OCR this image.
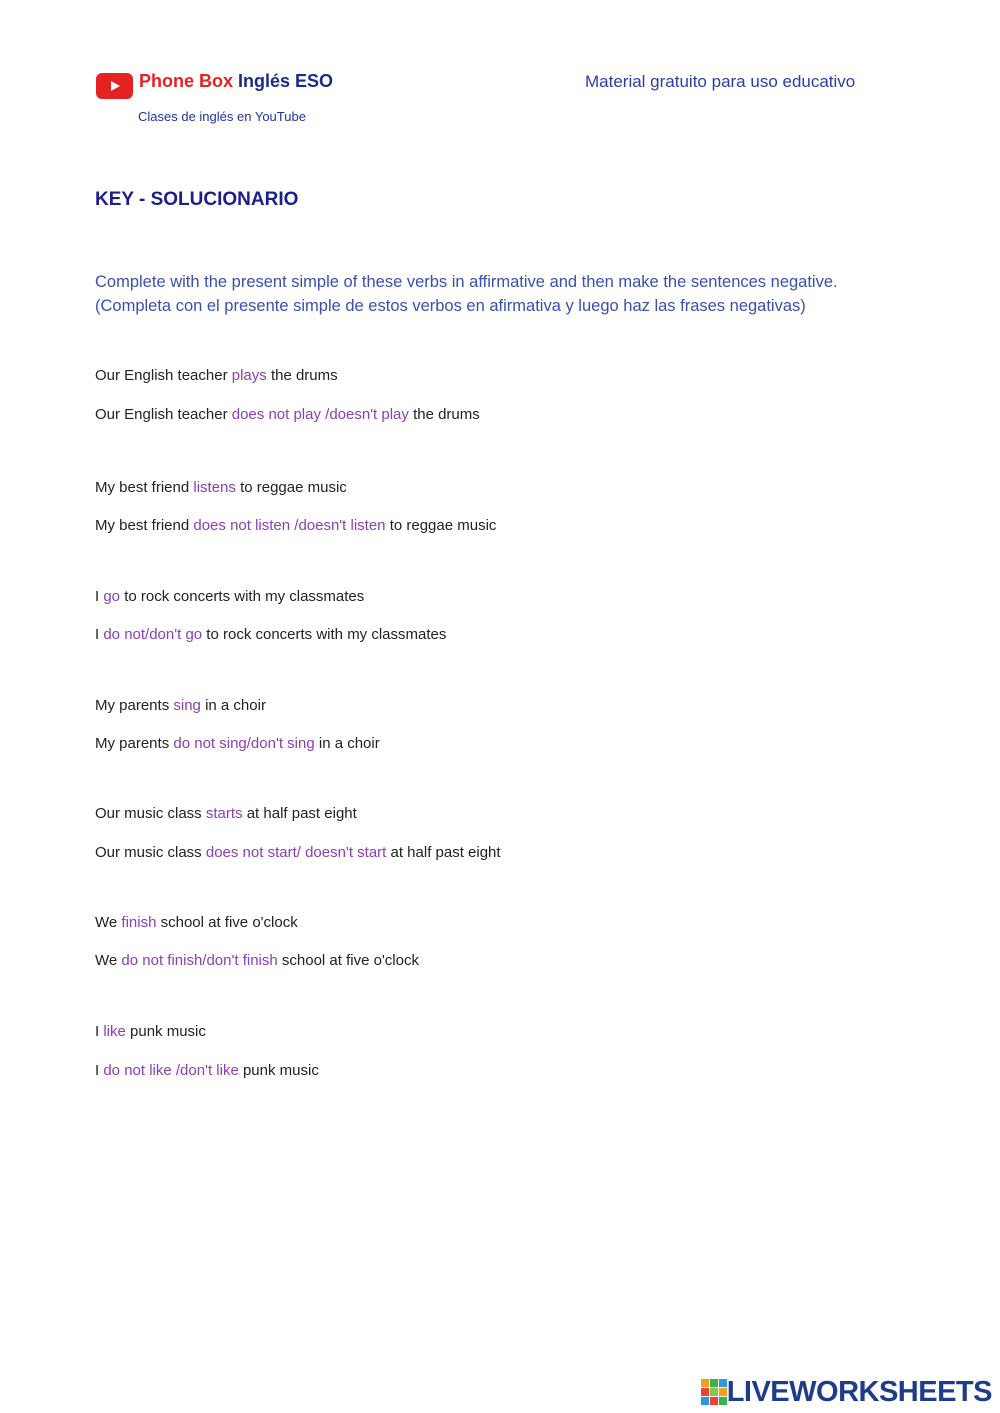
Phone Box Inglés ESO
Clases de inglés en YouTube
Material gratuito para uso educativo
KEY - SOLUCIONARIO
Complete with the present simple of these verbs in affirmative and then make the sentences negative.
(Completa con el presente simple de estos verbos en afirmativa y luego haz las frases negativas)
Our English teacher plays the drums
Our English teacher does not play /doesn't play the drums
My best friend listens to reggae music
My best friend does not listen /doesn't listen to reggae music
I go to rock concerts with my classmates
I do not/don't go to rock concerts with my classmates
My parents sing in a choir
My parents do not sing/don't sing in a choir
Our music class starts at half past eight
Our music class does not start/ doesn't start at half past eight
We finish school at five o'clock
We do not finish/don't finish school at five o'clock
I like punk music
I do not like /don't like punk music
LIVEWORKSHEETS
